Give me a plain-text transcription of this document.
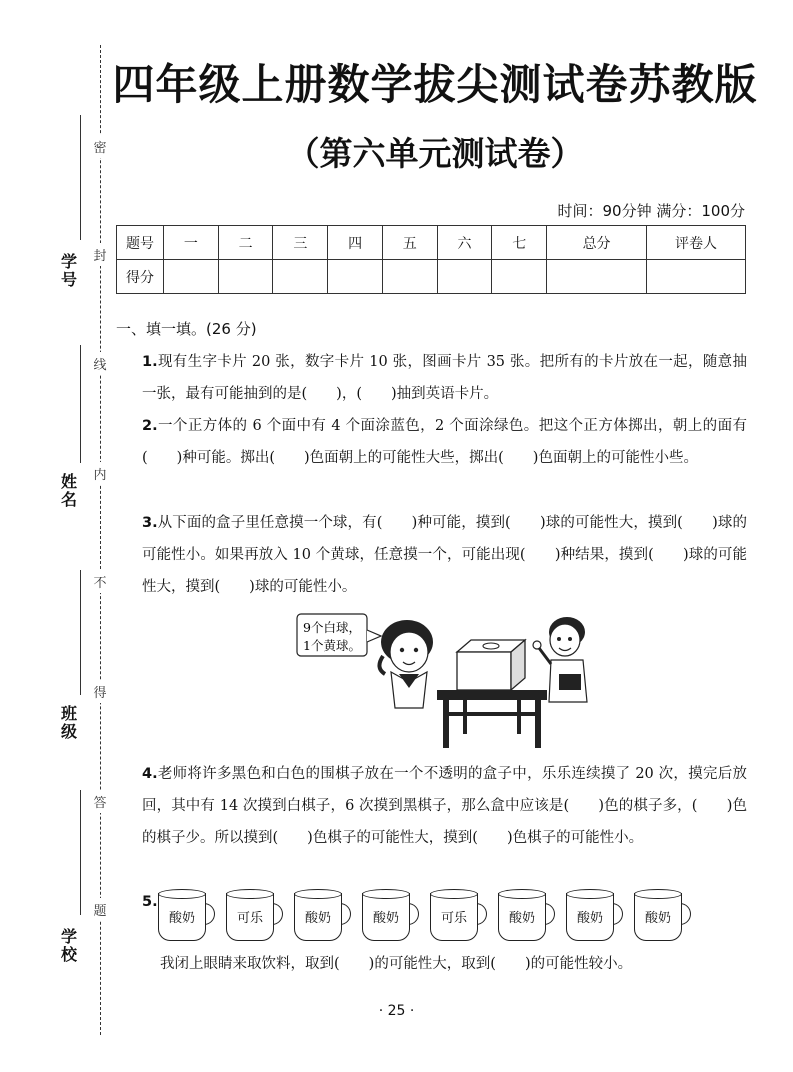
密
封
线
内
不
得
答
题
学号
姓名
班级
学校
四年级上册数学拔尖测试卷苏教版
（第六单元测试卷）
时间：90分钟 满分：100分
题号	一	二	三	四	五	六	七	总分	评卷人
得分									
一、填一填。(26 分)
1.现有生字卡片 20 张，数字卡片 10 张，图画卡片 35 张。把所有的卡片放在一起，随意抽一张，最有可能抽到的是(　　)，(　　)抽到英语卡片。
2.一个正方体的 6 个面中有 4 个面涂蓝色，2 个面涂绿色。把这个正方体掷出，朝上的面有(　　)种可能。掷出(　　)色面朝上的可能性大些，掷出(　　)色面朝上的可能性小些。
3.从下面的盒子里任意摸一个球，有(　　)种可能，摸到(　　)球的可能性大，摸到(　　)球的可能性小。如果再放入 10 个黄球，任意摸一个，可能出现(　　)种结果，摸到(　　)球的可能性大，摸到(　　)球的可能性小。
9个白球，
1个黄球。
4.老师将许多黑色和白色的围棋子放在一个不透明的盒子中，乐乐连续摸了 20 次，摸完后放回，其中有 14 次摸到白棋子，6 次摸到黑棋子，那么盒中应该是(　　)色的棋子多，(　　)色的棋子少。所以摸到(　　)色棋子的可能性大，摸到(　　)色棋子的可能性小。
5.
酸奶	可乐	酸奶	酸奶	可乐	酸奶	酸奶	酸奶
我闭上眼睛来取饮料，取到(　　)的可能性大，取到(　　)的可能性较小。
· 25 ·
